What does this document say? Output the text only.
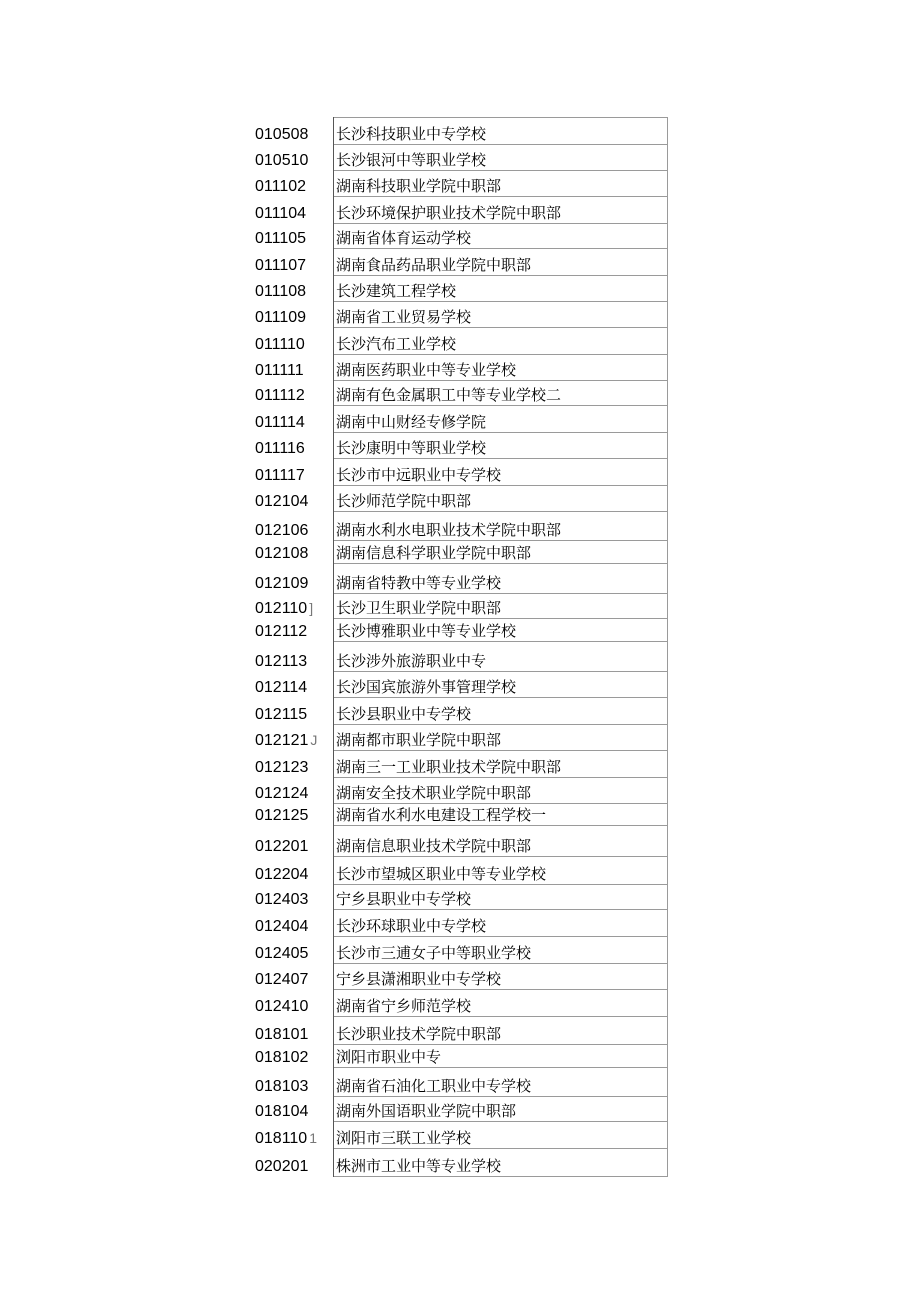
010508	长沙科技职业中专学校
010510	长沙银河中等职业学校
011102	湖南科技职业学院中职部
011104	长沙环境保护职业技术学院中职部
011105	湖南省体育运动学校
011107	湖南食品药品职业学院中职部
011108	长沙建筑工程学校
011109	湖南省工业贸易学校
011110	长沙汽布工业学校
011111	湖南医药职业中等专业学校
011112	湖南有色金属职工中等专业学校二
011114	湖南中山财经专修学院
011116	长沙康明中等职业学校
011117	长沙市中远职业中专学校
012104	长沙师范学院中职部
012106	湖南水利水电职业技术学院中职部
012108	湖南信息科学职业学院中职部
012109	湖南省特教中等专业学校
012110 ]	长沙卫生职业学院中职部
012112	长沙博雅职业中等专业学校
012113	长沙涉外旅游职业中专
012114	长沙国宾旅游外事管理学校
012115	长沙县职业中专学校
012121 J	湖南都市职业学院中职部
012123	湖南三一工业职业技术学院中职部
012124	湖南安全技术职业学院中职部
012125	湖南省水利水电建设工程学校一
012201	湖南信息职业技术学院中职部
012204	长沙市望城区职业中等专业学校
012403	宁乡县职业中专学校
012404	长沙环球职业中专学校
012405	长沙市三逋女子中等职业学校
012407	宁乡县潇湘职业中专学校
012410	湖南省宁乡师范学校
018101	长沙职业技术学院中职部
018102	浏阳市职业中专
018103	湖南省石油化工职业中专学校
018104	湖南外国语职业学院中职部
018110 1	浏阳市三联工业学校
020201	株洲市工业中等专业学校
